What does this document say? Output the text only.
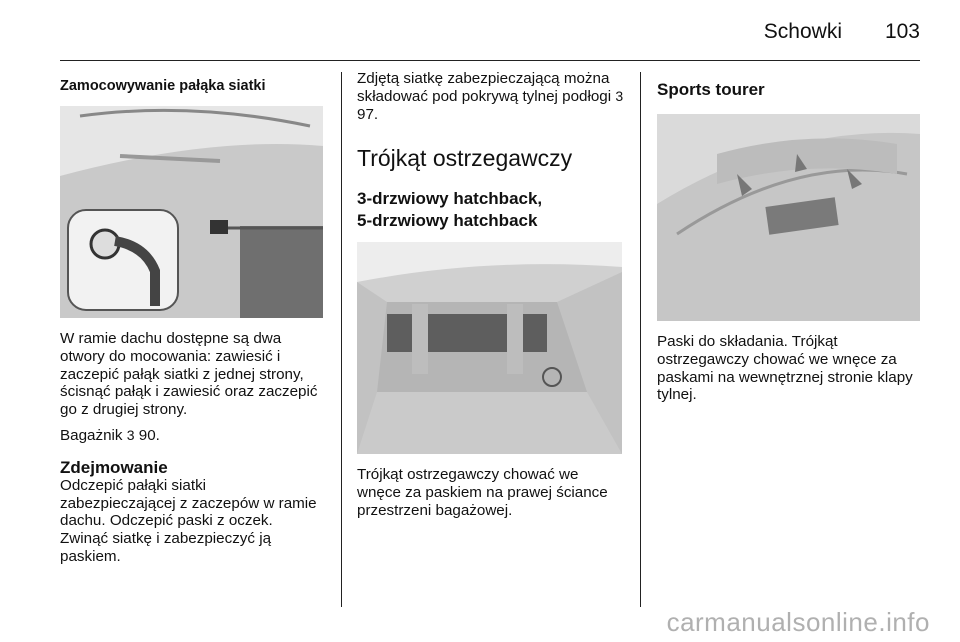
Schowki 103
Zamocowywanie pałąka siatki

W ramie dachu dostępne są dwa otwory do mocowania: zawiesić i zaczepić pałąk siatki z jednej strony, ścisnąć pałąk i zawiesić oraz zaczepić go z drugiej strony.

Bagażnik 3 90.

Zdejmowanie

Odczepić pałąki siatki zabezpieczającej z zaczepów w ramie dachu. Odczepić paski z oczek. Zwinąć siatkę i zabezpieczyć ją paskiem.

Zdjętą siatkę zabezpieczającą można składować pod pokrywą tylnej podłogi 3 97.

Trójkąt ostrzegawczy
3-drzwiowy hatchback,
5-drzwiowy hatchback

Trójkąt ostrzegawczy chować we wnęce za paskiem na prawej ściance przestrzeni bagażowej.

Sports tourer

Paski do składania. Trójkąt ostrzegawczy chować we wnęce za paskami na wewnętrznej stronie klapy tylnej.

carmanualsonline.info
